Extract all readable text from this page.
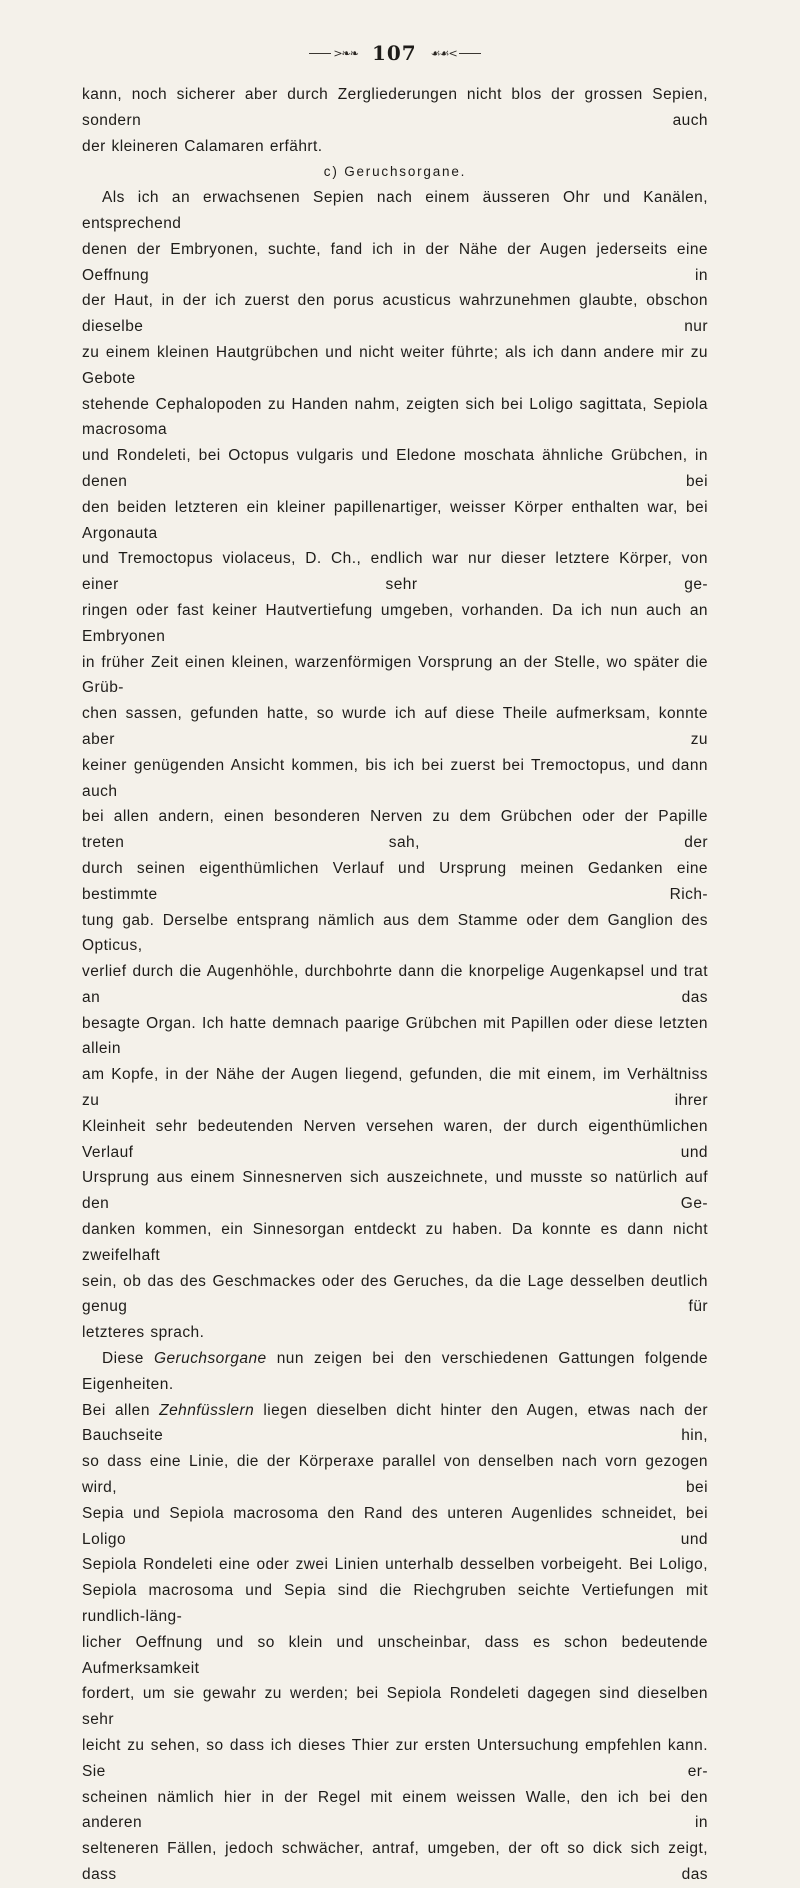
>❧❧ 107 ☙☙<

kann, noch sicherer aber durch Zergliederungen nicht blos der grossen Sepien, sondern auch

der kleineren Calamaren erfährt.

c) Geruchsorgane.

Als ich an erwachsenen Sepien nach einem äusseren Ohr und Kanälen, entsprechend

denen der Embryonen, suchte, fand ich in der Nähe der Augen jederseits eine Oeffnung in

der Haut, in der ich zuerst den porus acusticus wahrzunehmen glaubte, obschon dieselbe nur

zu einem kleinen Hautgrübchen und nicht weiter führte; als ich dann andere mir zu Gebote

stehende Cephalopoden zu Handen nahm, zeigten sich bei Loligo sagittata, Sepiola macrosoma

und Rondeleti, bei Octopus vulgaris und Eledone moschata ähnliche Grübchen, in denen bei

den beiden letzteren ein kleiner papillenartiger, weisser Körper enthalten war, bei Argonauta

und Tremoctopus violaceus, D. Ch., endlich war nur dieser letztere Körper, von einer sehr ge-

ringen oder fast keiner Hautvertiefung umgeben, vorhanden. Da ich nun auch an Embryonen

in früher Zeit einen kleinen, warzenförmigen Vorsprung an der Stelle, wo später die Grüb-

chen sassen, gefunden hatte, so wurde ich auf diese Theile aufmerksam, konnte aber zu

keiner genügenden Ansicht kommen, bis ich bei zuerst bei Tremoctopus, und dann auch

bei allen andern, einen besonderen Nerven zu dem Grübchen oder der Papille treten sah, der

durch seinen eigenthümlichen Verlauf und Ursprung meinen Gedanken eine bestimmte Rich-

tung gab. Derselbe entsprang nämlich aus dem Stamme oder dem Ganglion des Opticus,

verlief durch die Augenhöhle, durchbohrte dann die knorpelige Augenkapsel und trat an das

besagte Organ. Ich hatte demnach paarige Grübchen mit Papillen oder diese letzten allein

am Kopfe, in der Nähe der Augen liegend, gefunden, die mit einem, im Verhältniss zu ihrer

Kleinheit sehr bedeutenden Nerven versehen waren, der durch eigenthümlichen Verlauf und

Ursprung aus einem Sinnesnerven sich auszeichnete, und musste so natürlich auf den Ge-

danken kommen, ein Sinnesorgan entdeckt zu haben. Da konnte es dann nicht zweifelhaft

sein, ob das des Geschmackes oder des Geruches, da die Lage desselben deutlich genug für

letzteres sprach.

Diese Geruchsorgane nun zeigen bei den verschiedenen Gattungen folgende Eigenheiten.

Bei allen Zehnfüsslern liegen dieselben dicht hinter den Augen, etwas nach der Bauchseite hin,

so dass eine Linie, die der Körperaxe parallel von denselben nach vorn gezogen wird, bei

Sepia und Sepiola macrosoma den Rand des unteren Augenlides schneidet, bei Loligo und

Sepiola Rondeleti eine oder zwei Linien unterhalb desselben vorbeigeht. Bei Loligo,

Sepiola macrosoma und Sepia sind die Riechgruben seichte Vertiefungen mit rundlich-läng-

licher Oeffnung und so klein und unscheinbar, dass es schon bedeutende Aufmerksamkeit

fordert, um sie gewahr zu werden; bei Sepiola Rondeleti dagegen sind dieselben sehr

leicht zu sehen, so dass ich dieses Thier zur ersten Untersuchung empfehlen kann. Sie er-

scheinen nämlich hier in der Regel mit einem weissen Walle, den ich bei den anderen in

selteneren Fällen, jedoch schwächer, antraf, umgeben, der oft so dick sich zeigt, dass das
